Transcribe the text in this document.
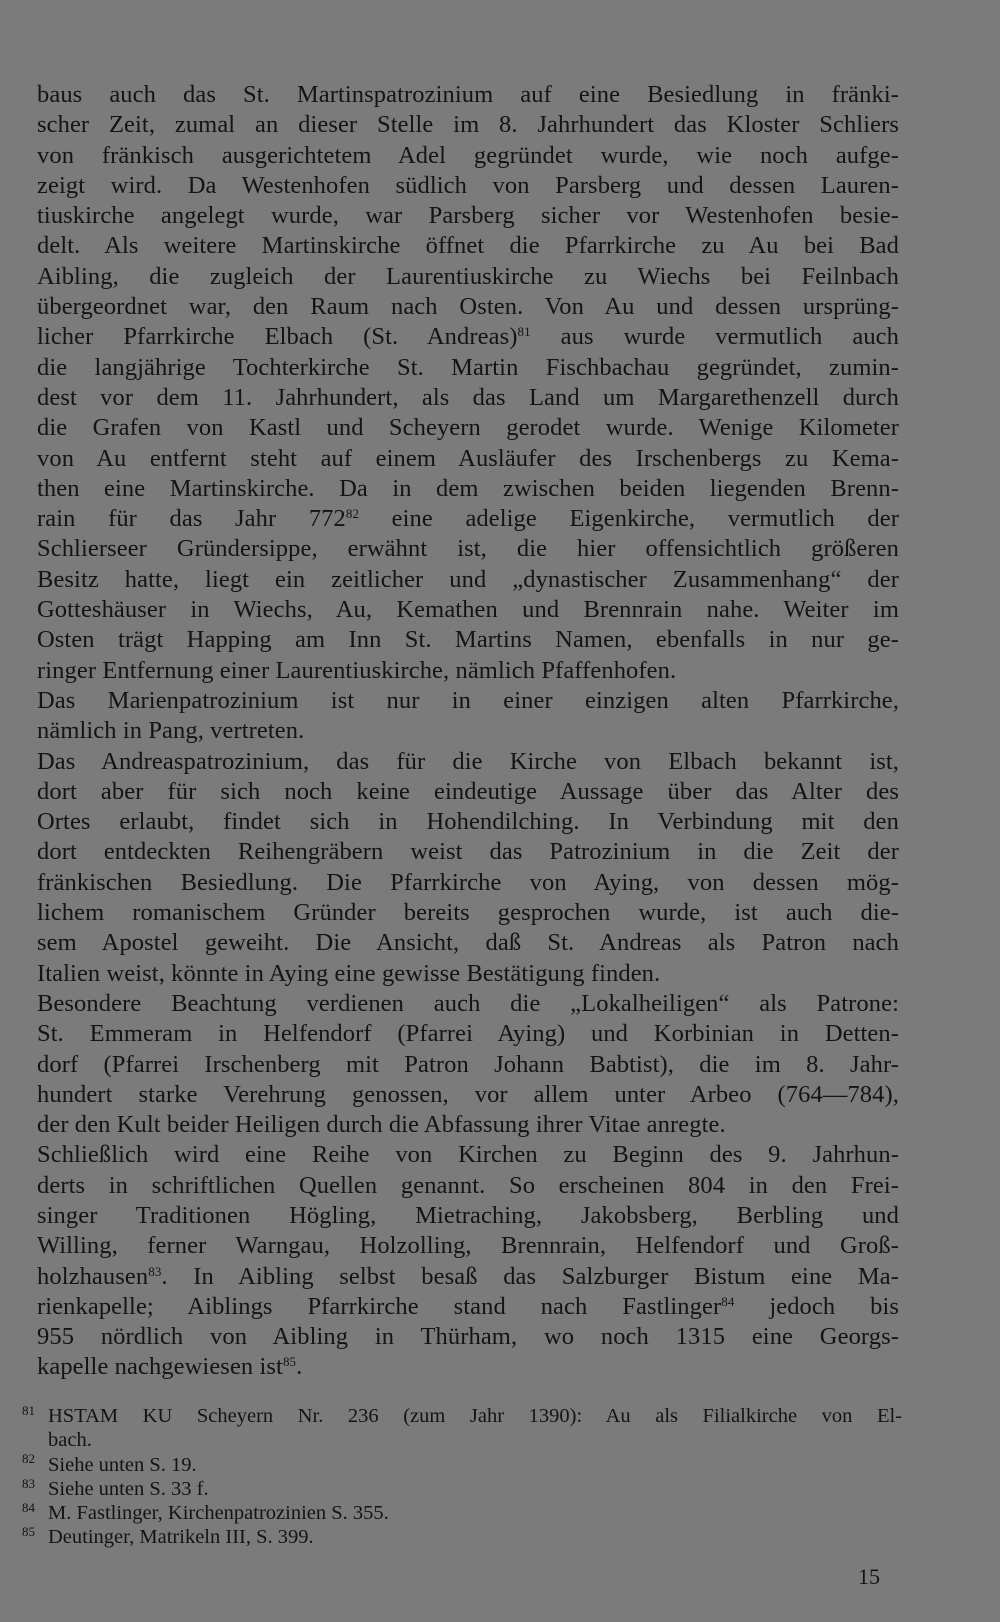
baus auch das St. Martinspatrozinium auf eine Besiedlung in fränki-
scher Zeit, zumal an dieser Stelle im 8. Jahrhundert das Kloster Schliers
von fränkisch ausgerichtetem Adel gegründet wurde, wie noch aufge-
zeigt wird. Da Westenhofen südlich von Parsberg und dessen Lauren-
tiuskirche angelegt wurde, war Parsberg sicher vor Westenhofen besie-
delt. Als weitere Martinskirche öffnet die Pfarrkirche zu Au bei Bad
Aibling, die zugleich der Laurentiuskirche zu Wiechs bei Feilnbach
übergeordnet war, den Raum nach Osten. Von Au und dessen ursprüng-
licher Pfarrkirche Elbach (St. Andreas)$^{81}$ aus wurde vermutlich auch
die langjährige Tochterkirche St. Martin Fischbachau gegründet, zumin-
dest vor dem 11. Jahrhundert, als das Land um Margarethenzell durch
die Grafen von Kastl und Scheyern gerodet wurde. Wenige Kilometer
von Au entfernt steht auf einem Ausläufer des Irschenbergs zu Kema-
then eine Martinskirche. Da in dem zwischen beiden liegenden Brenn-
rain für das Jahr $772^{82}$ eine adelige Eigenkirche, vermutlich der
Schlierseer Gründersippe, erwähnt ist, die hier offensichtlich größeren
Besitz hatte, liegt ein zeitlicher und „dynastischer Zusammenhang“ der
Gotteshäuser in Wiechs, Au, Kemathen und Brennrain nahe. Weiter im
Osten trägt Happing am Inn St. Martins Namen, ebenfalls in nur ge-
ringer Entfernung einer Laurentiuskirche, nämlich Pfaffenhofen.
Das Marienpatrozinium ist nur in einer einzigen alten Pfarrkirche,
nämlich in Pang, vertreten.
Das Andreaspatrozinium, das für die Kirche von Elbach bekannt ist,
dort aber für sich noch keine eindeutige Aussage über das Alter des
Ortes erlaubt, findet sich in Hohendilching. In Verbindung mit den
dort entdeckten Reihengräbern weist das Patrozinium in die Zeit der
fränkischen Besiedlung. Die Pfarrkirche von Aying, von dessen mög-
lichem romanischem Gründer bereits gesprochen wurde, ist auch die-
sem Apostel geweiht. Die Ansicht, daß St. Andreas als Patron nach
Italien weist, könnte in Aying eine gewisse Bestätigung finden.
Besondere Beachtung verdienen auch die „Lokalheiligen“ als Patrone:
St. Emmeram in Helfendorf (Pfarrei Aying) und Korbinian in Detten-
dorf (Pfarrei Irschenberg mit Patron Johann Babtist), die im 8. Jahr-
hundert starke Verehrung genossen, vor allem unter Arbeo (764—784),
der den Kult beider Heiligen durch die Abfassung ihrer Vitae anregte.
Schließlich wird eine Reihe von Kirchen zu Beginn des 9. Jahrhun-
derts in schriftlichen Quellen genannt. So erscheinen 804 in den Frei-
singer Traditionen Högling, Mietraching, Jakobsberg, Berbling und
Willing, ferner Warngau, Holzolling, Brennrain, Helfendorf und Groß-
holzhausen$^{83}$. In Aibling selbst besaß das Salzburger Bistum eine Ma-
rienkapelle; Aiblings Pfarrkirche stand nach Fastlinger$^{84}$ jedoch bis
955 nördlich von Aibling in Thürham, wo noch 1315 eine Georgs-
kapelle nachgewiesen ist$^{85}$.
81 HSTAM KU Scheyern Nr. 236 (zum Jahr 1390): Au als Filialkirche von El-
bach.
82 Siehe unten S. 19.
83 Siehe unten S. 33 f.
84 M. Fastlinger, Kirchenpatrozinien S. 355.
85 Deutinger, Matrikeln III, S. 399.
15
